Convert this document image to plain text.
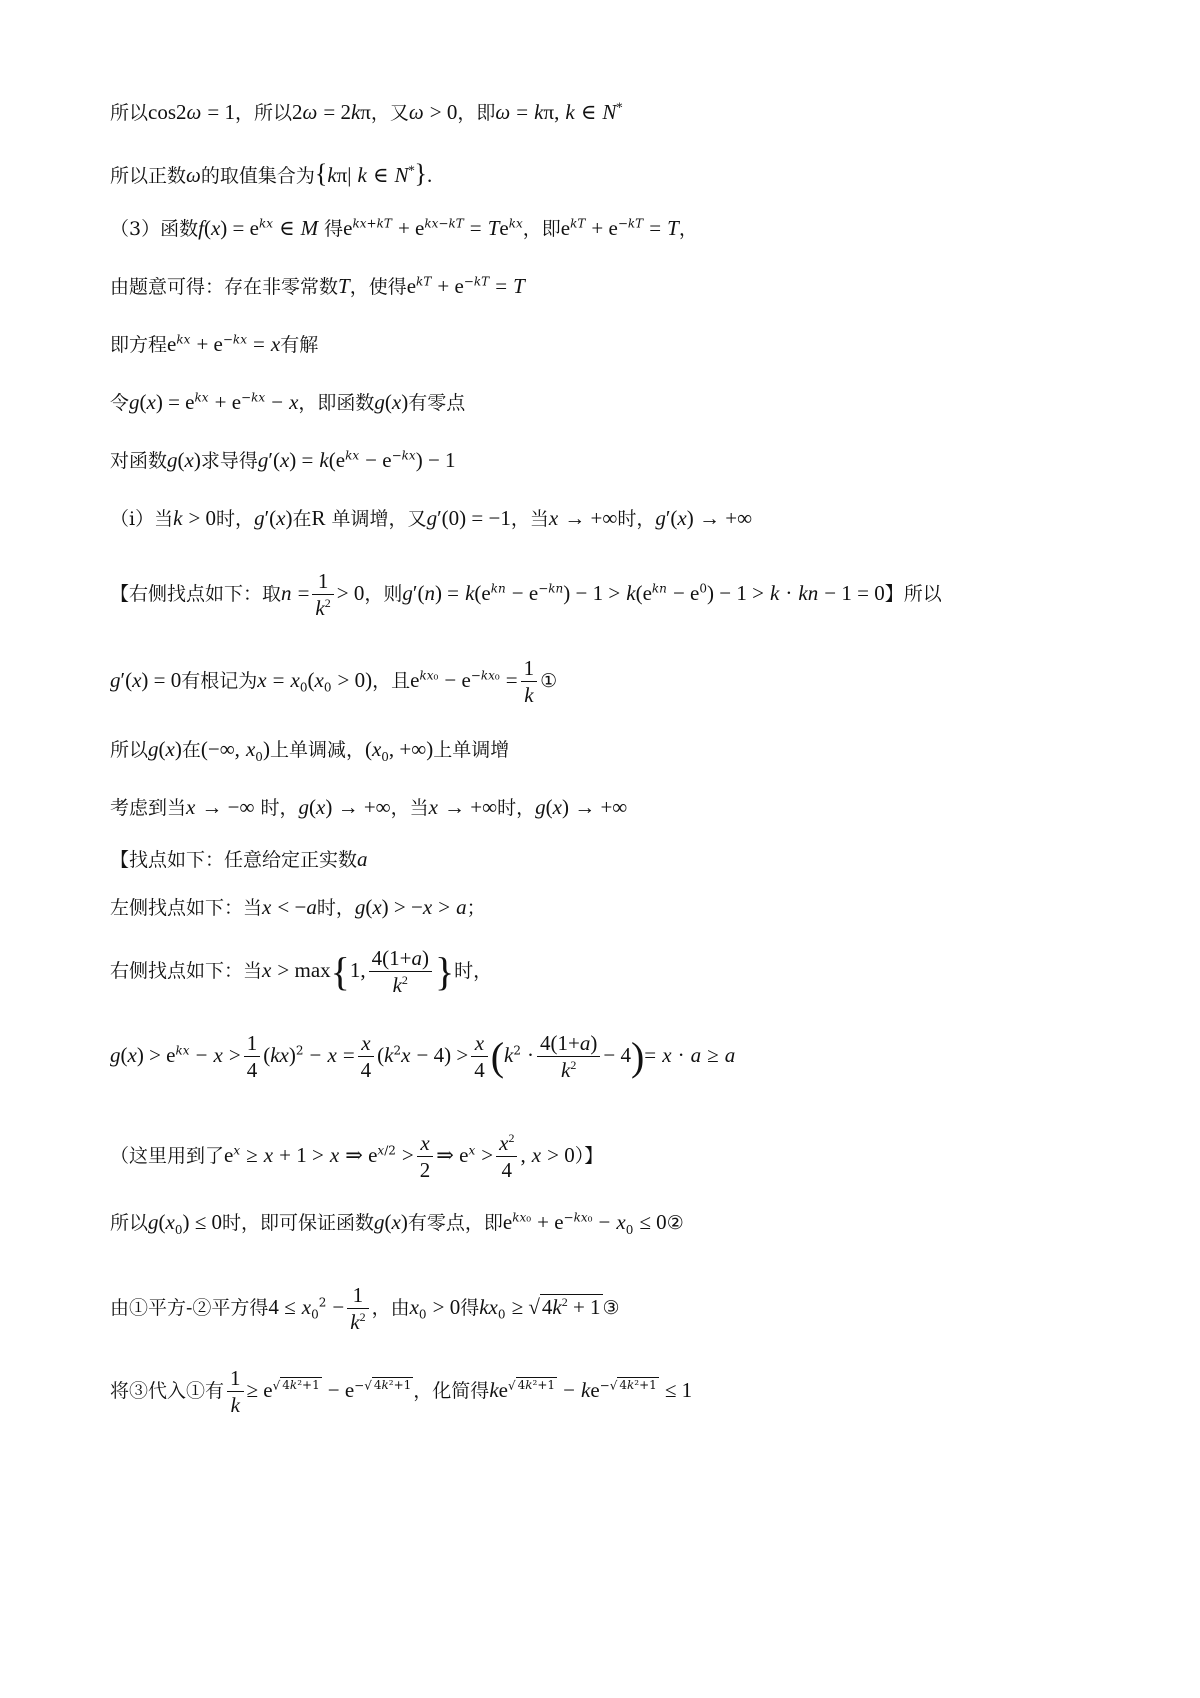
所以cos2ω = 1，所以2ω = 2kπ，又ω > 0，即ω = kπ, k ∈ N*
所以正数ω的取值集合为{kπ| k ∈ N*}.
（3）函数$f(x) = e^{kx}$ ∈ M 得$e^{kx+kT} + e^{kx-kT} = Te^{kx}$，即$e^{kT} + e^{-kT} = T$，
由题意可得：存在非零常数T，使得$e^{kT} + e^{-kT} = T$
即方程$e^{kx} + e^{-kx} = x$有解
令$g(x) = e^{kx} + e^{-kx} - x$，即函数g(x)有零点
对函数g(x)求导得$g'(x) = k(e^{kx} - e^{-kx}) - 1$
（i）当k > 0时，g′(x)在R 单调增，又g′(0) = −1，当x → +∞时，g′(x) → +∞
【右侧找点如下：取$n = \frac{1}{k^2} > 0$，则$g'(n) = k(e^{kn} - e^{-kn}) - 1 > k(e^{kn} - e^0) - 1 > k$ · kn − 1 = 0】所以
g′(x) = 0有根记为$x = x_0(x_0 > 0)$，且$e^{kx_0} - e^{-kx_0} = \frac{1}{k}$ ①
所以g(x)在(−∞, $x_0$)上单调减，($x_0$, +∞)上单调增
考虑到当x → −∞ 时，g(x) → +∞，当x → +∞时，g(x) → +∞
【找点如下：任意给定正实数a
左侧找点如下：当x < −a时，g(x) > −x > a；
右侧找点如下：当x > max{1, $\frac{4(1+a)}{k^2}$ }时，
$g(x) > e^{kx} - x > \frac{1}{4} (kx)^2 - x = \frac{x}{4} (k^2x - 4) > \frac{x}{4} (k^2 \cdot \frac{4(1+a)}{k^2} - 4)= x \cdot a \ge a$
（这里用到了$e^x \ge x + 1 > x$ ⇒ $e^{x/2} > \frac{x}{2}$ ⇒ $e^x > \frac{x^2}{4}$ , x > 0）】
所以$g(x_0) \le 0$时，即可保证函数g(x)有零点，即$e^{kx_0} + e^{-kx_0} - x_0$ ≤ 0②
由①平方-②平方得$4 \le x_0^2 - \frac{1}{k^2}$ ，由$x_0 > 0$得$kx_0 \ge √4k^2 + 1$ ③
将③代入①有 $\frac{1}{k} \ge e^{√ 4k^2+1} - e^{-√ 4k^2+1}$ ，化简得$ke^{√ 4k^2+1} - ke^{-√ 4k^2+1} \le 1$
